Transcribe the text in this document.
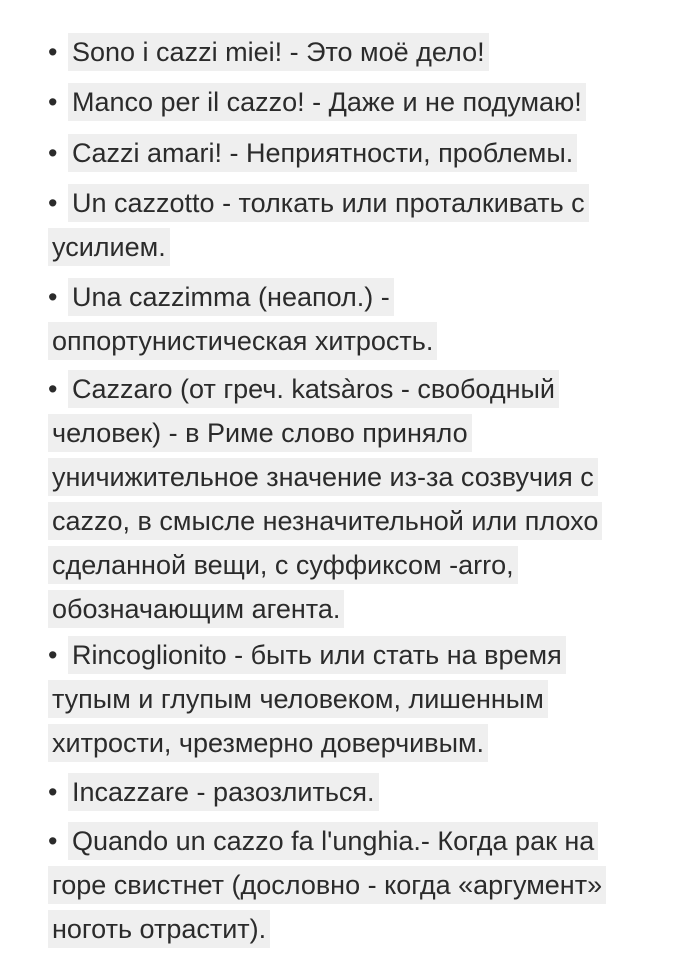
• Sono i cazzi miei! - Это моё дело!
• Manco per il cazzo! - Даже и не подумаю!
• Cazzi amari! - Неприятности, проблемы.
• Un cazzotto - толкать или проталкивать с
усилием.
• Una cazzimma (неапол.) -
оппортунистическая хитрость.
• Cazzaro (от греч. katsàros - свободный
человек) - в Риме слово приняло
уничижительное значение из-за созвучия с
cazzo, в смысле незначительной или плохо
сделанной вещи, с суффиксом -arro,
обозначающим агента.
• Rincoglionito - быть или стать на время
тупым и глупым человеком, лишенным
хитрости, чрезмерно доверчивым.
• Incazzare - разозлиться.
• Quando un cazzo fa l'unghia.- Когда рак на
горе свистнет (дословно - когда «аргумент»
ноготь отрастит).
